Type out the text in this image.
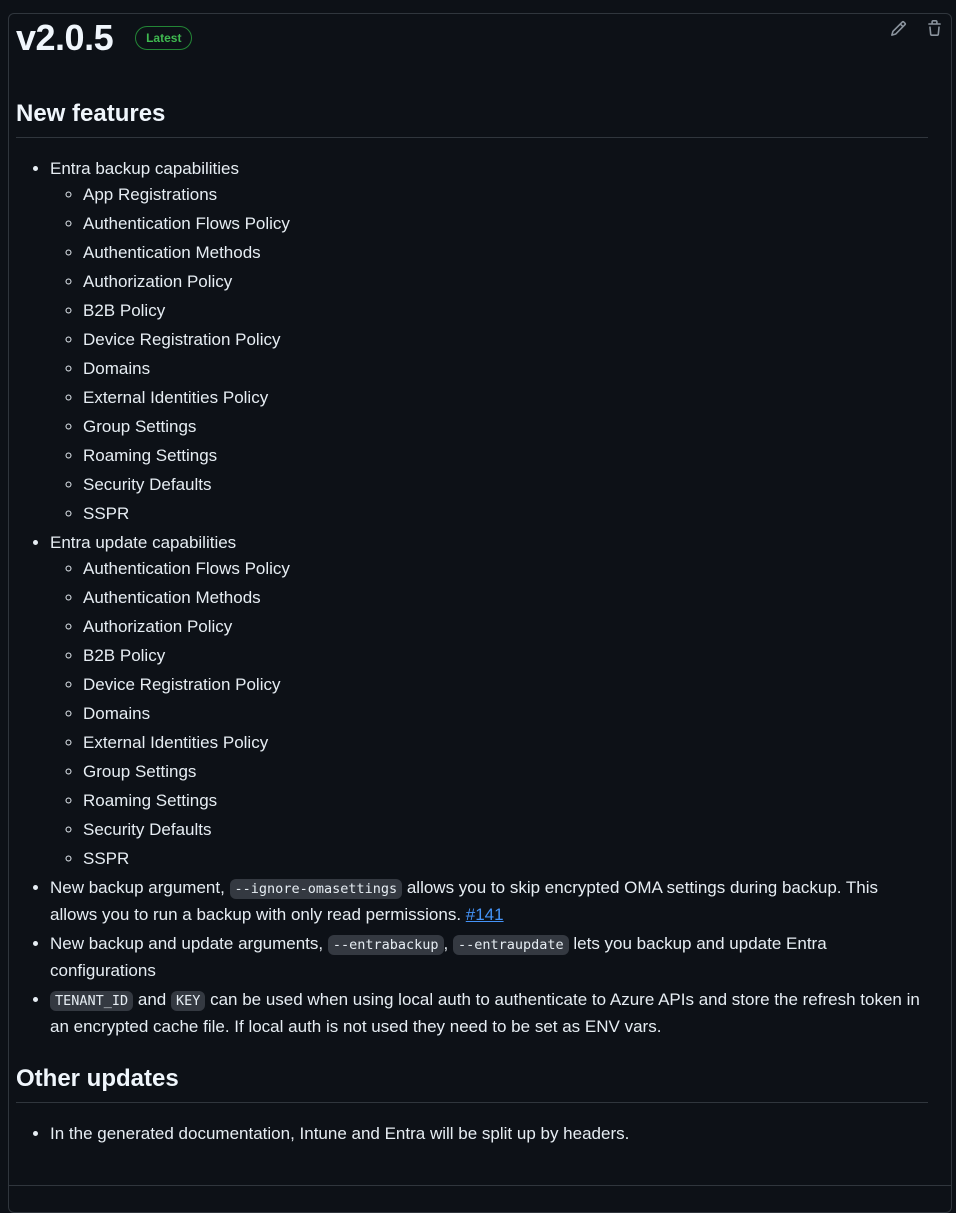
v2.0.5	Latest
New features
• Entra backup capabilities
◦ App Registrations
◦ Authentication Flows Policy
◦ Authentication Methods
◦ Authorization Policy
◦ B2B Policy
◦ Device Registration Policy
◦ Domains
◦ External Identities Policy
◦ Group Settings
◦ Roaming Settings
◦ Security Defaults
◦ SSPR
• Entra update capabilities
◦ Authentication Flows Policy
◦ Authentication Methods
◦ Authorization Policy
◦ B2B Policy
◦ Device Registration Policy
◦ Domains
◦ External Identities Policy
◦ Group Settings
◦ Roaming Settings
◦ Security Defaults
◦ SSPR
• New backup argument, --ignore-omasettings allows you to skip encrypted OMA settings during backup. This allows you to run a backup with only read permissions. #141
• New backup and update arguments, --entrabackup , --entraupdate lets you backup and update Entra configurations
• TENANT_ID and KEY can be used when using local auth to authenticate to Azure APIs and store the refresh token in an encrypted cache file. If local auth is not used they need to be set as ENV vars.
Other updates
• In the generated documentation, Intune and Entra will be split up by headers.
